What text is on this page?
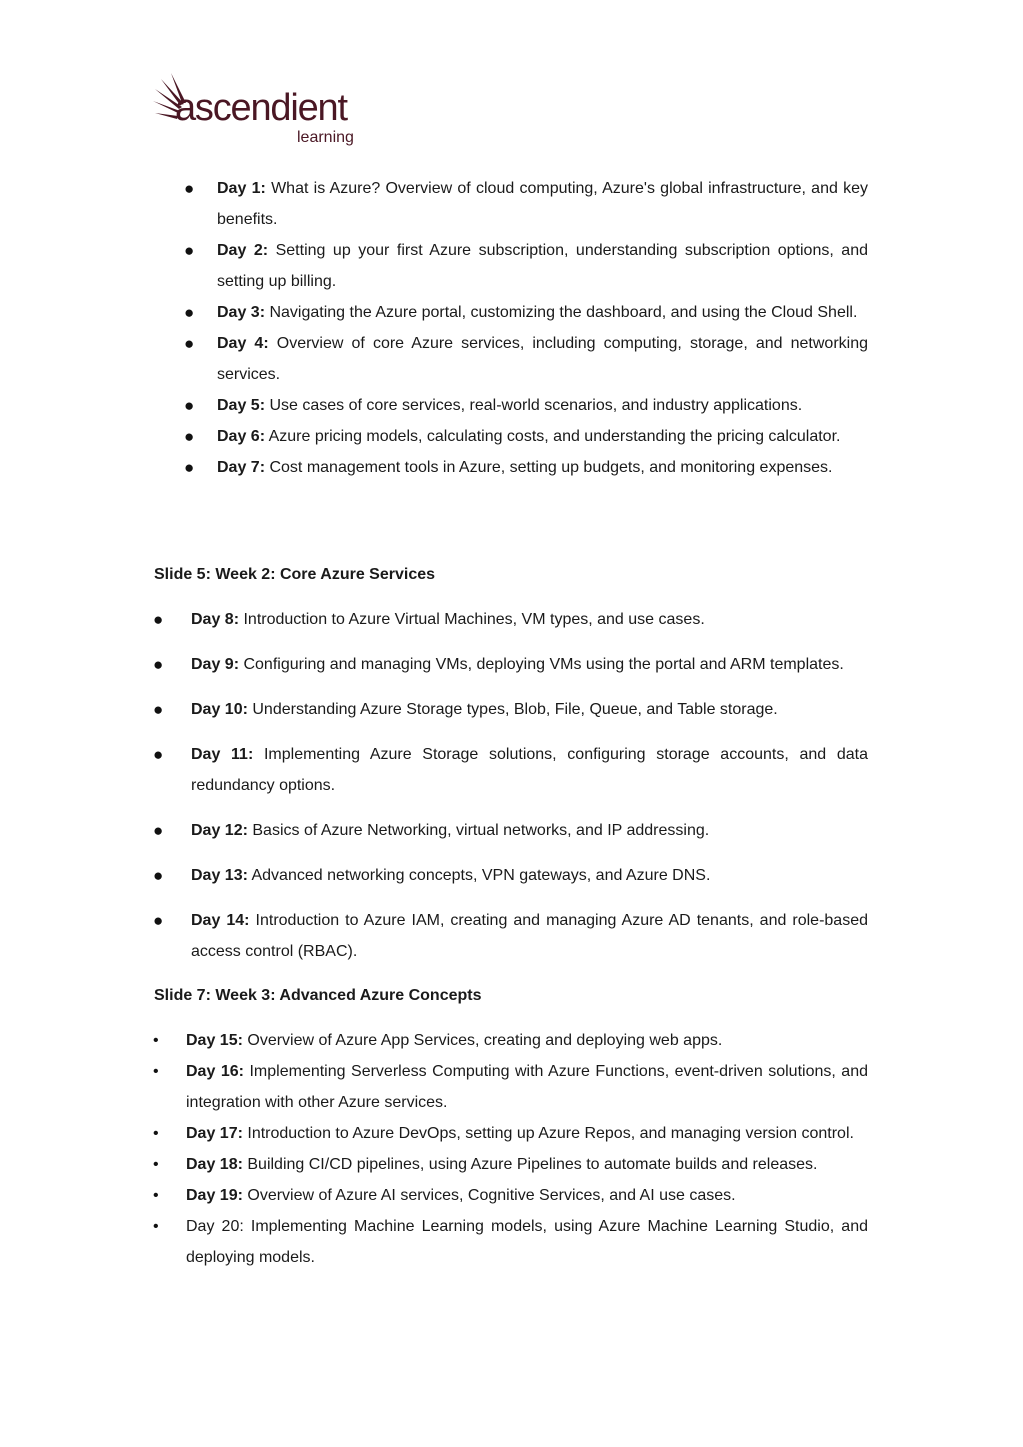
ascendient
learning
● Day 1: What is Azure? Overview of cloud computing, Azure's global infrastructure, and key benefits.
● Day 2: Setting up your first Azure subscription, understanding subscription options, and setting up billing.
● Day 3: Navigating the Azure portal, customizing the dashboard, and using the Cloud Shell.
● Day 4: Overview of core Azure services, including computing, storage, and networking services.
● Day 5: Use cases of core services, real-world scenarios, and industry applications.
● Day 6: Azure pricing models, calculating costs, and understanding the pricing calculator.
● Day 7: Cost management tools in Azure, setting up budgets, and monitoring expenses.
Slide 5: Week 2: Core Azure Services
● Day 8: Introduction to Azure Virtual Machines, VM types, and use cases.
● Day 9: Configuring and managing VMs, deploying VMs using the portal and ARM templates.
● Day 10: Understanding Azure Storage types, Blob, File, Queue, and Table storage.
● Day 11: Implementing Azure Storage solutions, configuring storage accounts, and data redundancy options.
● Day 12: Basics of Azure Networking, virtual networks, and IP addressing.
● Day 13: Advanced networking concepts, VPN gateways, and Azure DNS.
● Day 14: Introduction to Azure IAM, creating and managing Azure AD tenants, and role-based access control (RBAC).
Slide 7: Week 3: Advanced Azure Concepts
• Day 15: Overview of Azure App Services, creating and deploying web apps.
• Day 16: Implementing Serverless Computing with Azure Functions, event-driven solutions, and integration with other Azure services.
• Day 17: Introduction to Azure DevOps, setting up Azure Repos, and managing version control.
• Day 18: Building CI/CD pipelines, using Azure Pipelines to automate builds and releases.
• Day 19: Overview of Azure AI services, Cognitive Services, and AI use cases.
• Day 20: Implementing Machine Learning models, using Azure Machine Learning Studio, and deploying models.
